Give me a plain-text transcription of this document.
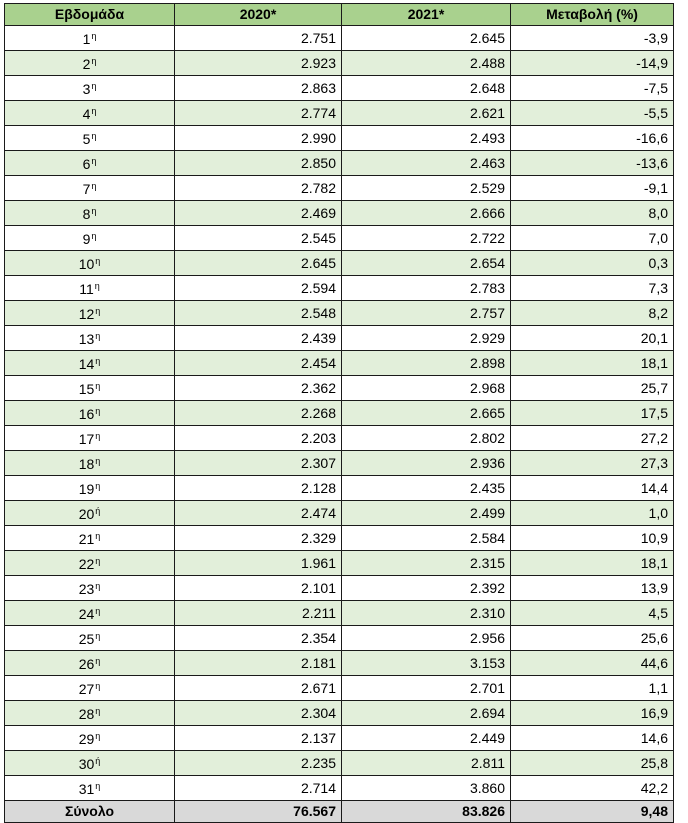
Εβδομάδα	2020*	2021*	Μεταβολή (%)
$1^\eta$	2.751	2.645	-3,9
$2^\eta$	2.923	2.488	-14,9
$3^\eta$	2.863	2.648	-7,5
$4^\eta$	2.774	2.621	-5,5
$5^\eta$	2.990	2.493	-16,6
$6^\eta$	2.850	2.463	-13,6
$7^\eta$	2.782	2.529	-9,1
$8^\eta$	2.469	2.666	8,0
$9^\eta$	2.545	2.722	7,0
$10^\eta$	2.645	2.654	0,3
$11^\eta$	2.594	2.783	7,3
$12^\eta$	2.548	2.757	8,2
$13^\eta$	2.439	2.929	20,1
$14^\eta$	2.454	2.898	18,1
$15^\eta$	2.362	2.968	25,7
$16^\eta$	2.268	2.665	17,5
$17^\eta$	2.203	2.802	27,2
$18^\eta$	2.307	2.936	27,3
$19^\eta$	2.128	2.435	14,4
$20^ή$	2.474	2.499	1,0
$21^\eta$	2.329	2.584	10,9
$22^\eta$	1.961	2.315	18,1
$23^\eta$	2.101	2.392	13,9
$24^\eta$	2.211	2.310	4,5
$25^\eta$	2.354	2.956	25,6
$26^\eta$	2.181	3.153	44,6
$27^\eta$	2.671	2.701	1,1
$28^\eta$	2.304	2.694	16,9
$29^\eta$	2.137	2.449	14,6
$30^ή$	2.235	2.811	25,8
$31^\eta$	2.714	3.860	42,2
Σύνολο	76.567	83.826	9,48
